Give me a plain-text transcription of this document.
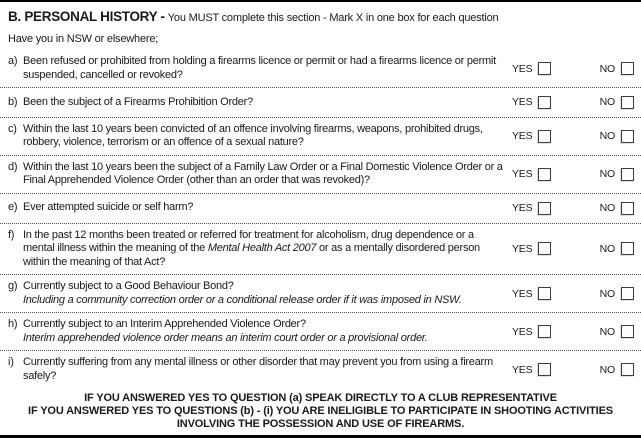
B. PERSONAL HISTORY - You MUST complete this section - Mark X in one box for each question
Have you in NSW or elsewhere;
a) Been refused or prohibited from holding a firearms licence or permit or had a firearms licence or permit suspended, cancelled or revoked?	YES	NO
b) Been the subject of a Firearms Prohibition Order?	YES	NO
c) Within the last 10 years been convicted of an offence involving firearms, weapons, prohibited drugs, robbery, violence, terrorism or an offence of a sexual nature?	YES	NO
d) Within the last 10 years been the subject of a Family Law Order or a Final Domestic Violence Order or a Final Apprehended Violence Order (other than an order that was revoked)?	YES	NO
e) Ever attempted suicide or self harm?	YES	NO
f) In the past 12 months been treated or referred for treatment for alcoholism, drug dependence or a mental illness within the meaning of the Mental Health Act 2007 or as a mentally disordered person within the meaning of that Act?
YES	NO
g) Currently subject to a Good Behaviour Bond?
Including a community correction order or a conditional release order if it was imposed in NSW.	YES	NO
h) Currently subject to an Interim Apprehended Violence Order?
Interim apprehended violence order means an interim court order or a provisional order.	YES	NO
i) Currently suffering from any mental illness or other disorder that may prevent you from using a firearm safely?	YES	NO
IF YOU ANSWERED YES TO QUESTION (a) SPEAK DIRECTLY TO A CLUB REPRESENTATIVE
IF YOU ANSWERED YES TO QUESTIONS (b) - (i) YOU ARE INELIGIBLE TO PARTICIPATE IN SHOOTING ACTIVITIES
INVOLVING THE POSSESSION AND USE OF FIREARMS.
